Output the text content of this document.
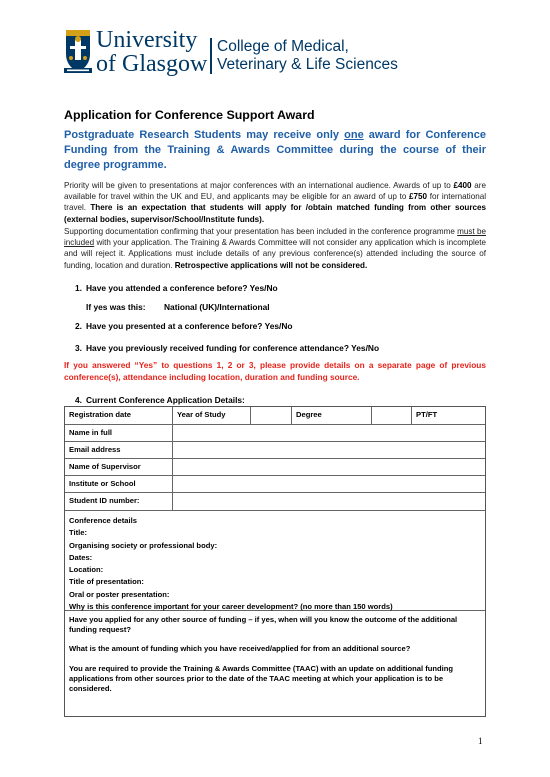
University
of Glasgow
College of Medical,
Veterinary & Life Sciences
Application for Conference Support Award
Postgraduate Research Students may receive only one award for Conference Funding from the Training & Awards Committee during the course of their degree programme.
Priority will be given to presentations at major conferences with an international audience. Awards of up to £400 are available for travel within the UK and EU, and applicants may be eligible for an award of up to £750 for international travel. There is an expectation that students will apply for /obtain matched funding from other sources (external bodies, supervisor/School/Institute funds).
Supporting documentation confirming that your presentation has been included in the conference programme must be included with your application. The Training & Awards Committee will not consider any application which is incomplete and will reject it. Applications must include details of any previous conference(s) attended including the source of funding, location and duration. Retrospective applications will not be considered.
1. Have you attended a conference before? Yes/No
If yes was this: National (UK)/International
2. Have you presented at a conference before? Yes/No
If you answered “Yes” to questions 1, 2 or 3, please provide details on a separate page of previous conference(s), attendance including location, duration and funding source.
4. Current Conference Application Details:
Registration date	Year of Study	Degree	PT/FT
Name in full
Email address
Name of Supervisor
Institute or School
Student ID number:
Conference details
Title:
Organising society or professional body:
Dates:
Location:
Title of presentation:
Oral or poster presentation:
Why is this conference important for your career development? (no more than 150 words)

Have you applied for any other source of funding – if yes, when will you know the outcome of the additional funding request?

What is the amount of funding which you have received/applied for from an additional source?

You are required to provide the Training & Awards Committee (TAAC) with an update on additional funding applications from other sources prior to the date of the TAAC meeting at which your application is to be considered.

1
3. Have you previously received funding for conference attendance? Yes/No
